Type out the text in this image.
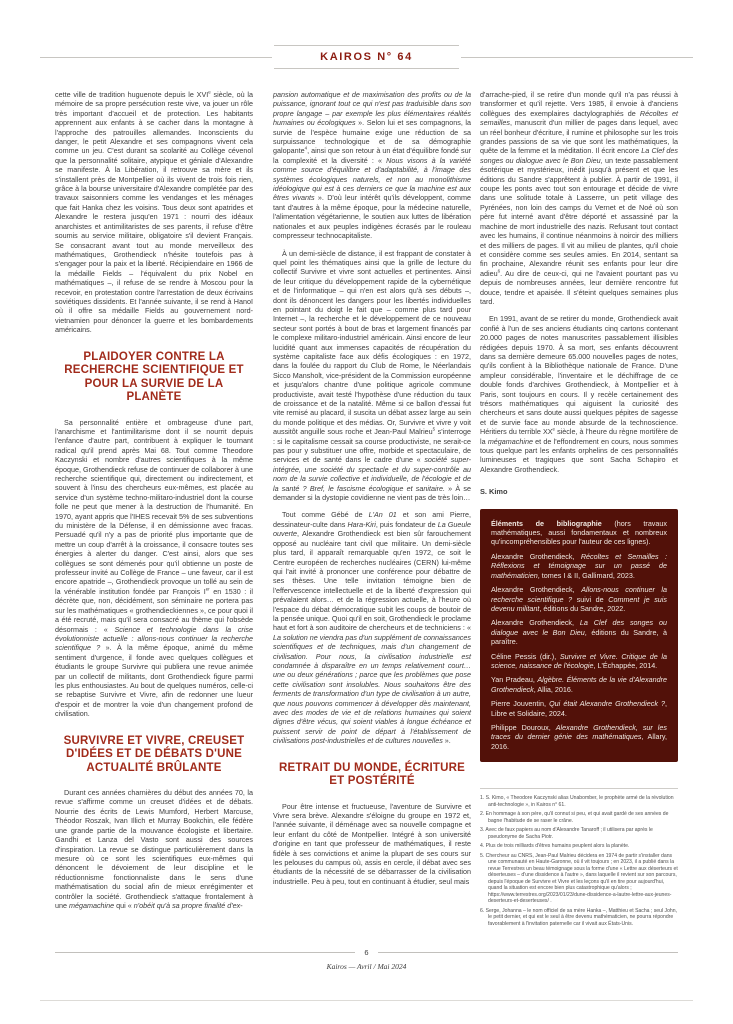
KAIROS N° 64

cette ville de tradition huguenote depuis le XVIe siècle, où la mémoire de sa propre persécution reste vive, va jouer un rôle très important d'accueil et de protection. Les habitants apprennent aux enfants à se cacher dans la montagne à l'approche des patrouilles allemandes. Inconscients du danger, le petit Alexandre et ses compagnons vivent cela comme un jeu. C'est durant sa scolarité au Collège cévenol que la personnalité solitaire, atypique et géniale d'Alexandre se manifeste. À la Libération, il retrouve sa mère et ils s'installent près de Montpellier où ils vivent de trois fois rien, grâce à la bourse universitaire d'Alexandre complétée par des travaux saisonniers comme les vendanges et les ménages que fait Hanka chez les voisins. Tous deux sont apatrides et Alexandre le restera jusqu'en 1971 : nourri des idéaux anarchistes et antimilitaristes de ses parents, il refuse d'être soumis au service militaire, obligatoire s'il devient Français. Se consacrant avant tout au monde merveilleux des mathématiques, Grothendieck n'hésite toutefois pas à s'engager pour la paix et la liberté. Récipiendaire en 1966 de la médaille Fields – l'équivalent du prix Nobel en mathématiques –, il refuse de se rendre à Moscou pour la recevoir, en protestation contre l'arrestation de deux écrivains soviétiques dissidents. Et l'année suivante, il se rend à Hanoï où il offre sa médaille Fields au gouvernement nord-vietnamien pour dénoncer la guerre et les bombardements américains.

PLAIDOYER CONTRE LA RECHERCHE SCIENTIFIQUE ET POUR LA SURVIE DE LA PLANÈTE

Sa personnalité entière et ombrageuse d'une part, l'anarchisme et l'antimilitarisme dont il se nourrit depuis l'enfance d'autre part, contribuent à expliquer le tournant radical qu'il prend après Mai 68. Tout comme Theodore Kaczynski et nombre d'autres scientifiques à la même époque, Grothendieck refuse de continuer de collaborer à une recherche scientifique qui, directement ou indirectement, et souvent à l'insu des chercheurs eux-mêmes, est placée au service d'un système techno-militaro-industriel dont la course folle ne peut que mener à la destruction de l'humanité. En 1970, ayant appris que l'IHES recevait 5% de ses subventions du ministère de la Défense, il en démissionne avec fracas. Persuadé qu'il n'y a pas de priorité plus importante que de mettre un coup d'arrêt à la croissance, il consacre toutes ses énergies à alerter du danger. C'est ainsi, alors que ses collègues se sont démenés pour qu'il obtienne un poste de professeur invité au Collège de France – une faveur, car il est encore apatride –, Grothendieck provoque un tollé au sein de la vénérable institution fondée par François Ier en 1530 : il décrète que, non, décidément, son séminaire ne portera pas sur les mathématiques « grothendieckiennes », ce pour quoi il a été recruté, mais qu'il sera consacré au thème qui l'obsède désormais : « Science et technologie dans la crise évolutionniste actuelle : allons-nous continuer la recherche scientifique ? ». À la même époque, animé du même sentiment d'urgence, il fonde avec quelques collègues et étudiants le groupe Survivre qui publiera une revue animée par un collectif de militants, dont Grothendieck figure parmi les plus enthousiastes. Au bout de quelques numéros, celle-ci se rebaptise Survivre et Vivre, afin de redonner une lueur d'espoir et de montrer la voie d'un changement profond de civilisation.

SURVIVRE ET VIVRE, CREUSET D'IDÉES ET DE DÉBATS D'UNE ACTUALITÉ BRÛLANTE

Durant ces années charnières du début des années 70, la revue s'affirme comme un creuset d'idées et de débats. Nourrie des écrits de Lewis Mumford, Herbert Marcuse, Théodor Roszak, Ivan Illich et Murray Bookchin, elle fédère une grande partie de la mouvance écologiste et libertaire. Gandhi et Lanza del Vasto sont aussi des sources d'inspiration. La revue se distingue particulièrement dans la mesure où ce sont les scientifiques eux-mêmes qui dénoncent le dévoiement de leur discipline et le réductionnisme fonctionnaliste dans le sens d'une mathématisation du social afin de mieux enrégimenter et contrôler la société. Grothendieck s'attaque frontalement à une mégamachine qui « n'obéit qu'à sa propre finalité d'ex-

pansion automatique et de maximisation des profits ou de la puissance, ignorant tout ce qui n'est pas traduisible dans son propre langage – par exemple les plus élémentaires réalités humaines ou écologiques ». Selon lui et ses compagnons, la survie de l'espèce humaine exige une réduction de sa surpuissance technologique et de sa démographie galopante$^4$, ainsi que son retour à un état d'équilibre fondé sur la complexité et la diversité : « Nous visons à la variété comme source d'équilibre et d'adaptabilité, à l'image des systèmes écologiques naturels, et non au monolithisme idéologique qui est à ces derniers ce que la machine est aux êtres vivants ». D'où leur intérêt qu'ils développent, comme tant d'autres à la même époque, pour la médecine naturelle, l'alimentation végétarienne, le soutien aux luttes de libération nationales et aux peuples indigènes écrasés par le rouleau compresseur technocapitaliste.

À un demi-siècle de distance, il est frappant de constater à quel point les thématiques ainsi que la grille de lecture du collectif Survivre et vivre sont actuelles et pertinentes. Ainsi de leur critique du développement rapide de la cybernétique et de l'informatique – qui n'en est alors qu'à ses débuts –, dont ils dénoncent les dangers pour les libertés individuelles en pointant du doigt le fait que – comme plus tard pour Internet –, la recherche et le développement de ce nouveau secteur sont portés à bout de bras et largement financés par le complexe militaro-industriel américain. Ainsi encore de leur lucidité quant aux immenses capacités de récupération du système capitaliste face aux défis écologiques : en 1972, dans la foulée du rapport du Club de Rome, le Néerlandais Sicco Mansholt, vice-président de la Commission européenne et jusqu'alors chantre d'une politique agricole commune productiviste, avait testé l'hypothèse d'une réduction du taux de croissance et de la natalité. Même si ce ballon d'essai fut vite remisé au placard, il suscita un débat assez large au sein du monde politique et des médias. Or, Survivre et vivre y voit aussitôt anguille sous roche et Jean-Paul Malrieu$^5$ s'interroge : si le capitalisme cessait sa course productiviste, ne serait-ce pas pour y substituer une offre, morbide et spectaculaire, de services et de santé dans le cadre d'une « société super-intégrée, une société du spectacle et du super-contrôle au nom de la survie collective et individuelle, de l'écologie et de la santé ? Bref, le fascisme écologique et sanitaire. » À se demander si la dystopie covidienne ne vient pas de très loin…

Tout comme Gébé de L'An 01 et son ami Pierre, dessinateur-culte dans Hara-Kiri, puis fondateur de La Gueule ouverte, Alexandre Grothendieck est bien sûr farouchement opposé au nucléaire tant civil que militaire. Un demi-siècle plus tard, il apparaît remarquable qu'en 1972, ce soit le Centre européen de recherches nucléaires (CERN) lui-même qui l'ait invité à prononcer une conférence pour débattre de ses thèses. Une telle invitation témoigne bien de l'effervescence intellectuelle et de la liberté d'expression qui prévalaient alors… et de la régression actuelle, à l'heure où l'espace du débat démocratique subit les coups de boutoir de la pensée unique. Quoi qu'il en soit, Grothendieck le proclame haut et fort à son auditoire de chercheurs et de techniciens : « La solution ne viendra pas d'un supplément de connaissances scientifiques et de techniques, mais d'un changement de civilisation. Pour nous, la civilisation industrielle est condamnée à disparaître en un temps relativement court… une ou deux générations ; parce que les problèmes que pose cette civilisation sont insolubles. Nous souhaitons être des ferments de transformation d'un type de civilisation à un autre, que nous pouvons commencer à développer dès maintenant, avec des modes de vie et de relations humaines qui soient dignes d'être vécus, qui soient viables à longue échéance et puissent servir de point de départ à l'établissement de civilisations post-industrielles et de cultures nouvelles ».

RETRAIT DU MONDE, ÉCRITURE ET POSTÉRITÉ

Pour être intense et fructueuse, l'aventure de Survivre et Vivre sera brève. Alexandre s'éloigne du groupe en 1972 et, l'année suivante, il déménage avec sa nouvelle compagne et leur enfant du côté de Montpellier. Intégré à son université d'origine en tant que professeur de mathématiques, il reste fidèle à ses convictions et anime la plupart de ses cours sur les pelouses du campus où, assis en cercle, il débat avec ses étudiants de la nécessité de se débarrasser de la civilisation industrielle. Peu à peu, tout en continuant à étudier, seul mais

d'arrache-pied, il se retire d'un monde qu'il n'a pas réussi à transformer et qu'il rejette. Vers 1985, il envoie à d'anciens collègues des exemplaires dactylographiés de Récoltes et semailles, manuscrit d'un millier de pages dans lequel, avec un réel bonheur d'écriture, il rumine et philosophe sur les trois grandes passions de sa vie que sont les mathématiques, la quête de la femme et la méditation. Il écrit encore La Clef des songes ou dialogue avec le Bon Dieu, un texte passablement ésotérique et mystérieux, inédit jusqu'à présent et que les éditions du Sandre s'apprêtent à publier. À partir de 1991, il coupe les ponts avec tout son entourage et décide de vivre dans une solitude totale à Lasserre, un petit village des Pyrénées, non loin des camps du Vernet et de Noé où son père fut interné avant d'être déporté et assassiné par la machine de mort industrielle des nazis. Refusant tout contact avec les humains, il continue néanmoins à noircir des milliers et des milliers de pages. Il vit au milieu de plantes, qu'il choie et considère comme ses seules amies. En 2014, sentant sa fin prochaine, Alexandre réunit ses enfants pour leur dire adieu$^6$. Au dire de ceux-ci, qui ne l'avaient pourtant pas vu depuis de nombreuses années, leur dernière rencontre fut douce, tendre et apaisée. Il s'éteint quelques semaines plus tard.

En 1991, avant de se retirer du monde, Grothendieck avait confié à l'un de ses anciens étudiants cinq cartons contenant 20.000 pages de notes manuscrites passablement illisibles rédigées depuis 1970. À sa mort, ses enfants découvrent dans sa dernière demeure 65.000 nouvelles pages de notes, qu'ils confient à la Bibliothèque nationale de France. D'une ampleur considérable, l'inventaire et le déchiffrage de ce double fonds d'archives Grothendieck, à Montpellier et à Paris, sont toujours en cours. Il y recèle certainement des trésors mathématiques qui aiguisent la curiosité des chercheurs et sans doute aussi quelques pépites de sagesse et de survie face au monde absurde de la technoscience. Héritiers du terrible XXe siècle, à l'heure du règne mortifère de la mégamachine et de l'effondrement en cours, nous sommes tous quelque part les enfants orphelins de ces personnalités lumineuses et tragiques que sont Sacha Schapiro et Alexandre Grothendieck.

S. Kimo

Éléments de bibliographie (hors travaux mathématiques, aussi fondamentaux et nombreux qu'incompréhensibles pour l'auteur de ces lignes).

Alexandre Grothendieck, Récoltes et Semailles : Réflexions et témoignage sur un passé de mathématicien, tomes I & II, Gallimard, 2023.

Alexandre Grothendieck, Allons-nous continuer la recherche scientifique ? suivi de Comment je suis devenu militant, éditions du Sandre, 2022.

Alexandre Grothendieck, La Clef des songes ou dialogue avec le Bon Dieu, éditions du Sandre, à paraître.

Céline Pessis (dir.), Survivre et Vivre. Critique de la science, naissance de l'écologie, L'Échappée, 2014.

Yan Pradeau, Algèbre. Éléments de la vie d'Alexandre Grothendieck, Allia, 2016.

Pierre Jouventin, Qui était Alexandre Grothendieck ?, Libre et Solidaire, 2024.

Philippe Douroux, Alexandre Grothendieck, sur les traces du dernier génie des mathématiques, Allary, 2016.

1. S. Kimo, « Theodore Kaczynski alias Unabomber, le prophète armé de la révolution anti-technologie », in Kairos n° 61.

2. En hommage à son père, qu'il connut si peu, et qui avait gardé de ses années de bagne l'habitude de se raser le crâne.

3. Avec de faux papiers au nom d'Alexandre Tanaroff ; il utilisera par après le pseudonyme de Sacha Piotr.

4. Plus de trois milliards d'êtres humains peuplent alors la planète.

5. Chercheur au CNRS, Jean-Paul Malrieu décidera en 1974 de partir s'installer dans une communauté en Haute-Garonne, où il vit toujours ; en 2023, il a publié dans la revue Terrestres un beau témoignage sous la forme d'une « Lettre aux déserteurs et déserteuses – d'une dissidence à l'autre », dans laquelle il revient sur son parcours, depuis l'époque de Survivre et Vivre et les leçons qu'il en tire pour aujourd'hui, quand la situation est encore bien plus catastrophique qu'alors ; https://www.terrestres.org/2023/01/23/dune-dissidence-a-lautre-lettre-aux-jeunes-deserteurs-et-deserteuses/ .

6. Serge, Johanna – le nom officiel de sa mère Hanka –, Matthieu et Sacha ; seul John, le petit dernier, et qui est le seul à être devenu mathématicien, ne pourra répondre favorablement à l'invitation paternelle car il vivait aux États-Unis.

6
Kairos — Avril / Mai 2024
